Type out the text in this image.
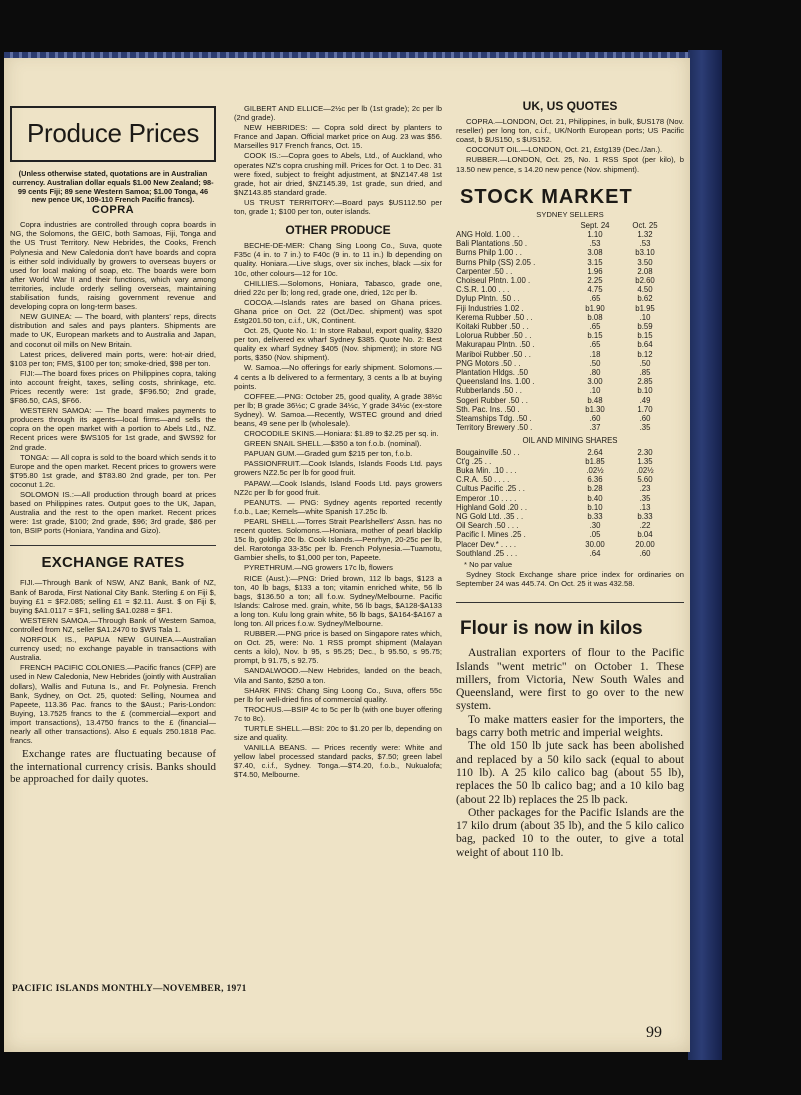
Produce Prices
(Unless otherwise stated, quotations are in Australian currency. Australian dollar equals $1.00 New Zealand; 98-99 cents Fiji; 89 sene Western Samoa; $1.00 Tonga, 46 new pence UK, 109-110 French Pacific francs).
COPRA

Copra industries are controlled through copra boards in NG, the Solomons, the GEIC, both Samoas, Fiji, Tonga and the US Trust Territory. New Hebrides, the Cooks, French Polynesia and New Caledonia don't have boards and copra is either sold individually by growers to overseas buyers or used for local making of soap, etc. The boards were born after World War II and their functions, which vary among territories, include orderly selling overseas, maintaining stabilisation funds, raising government revenue and developing copra on long-term bases.

NEW GUINEA: — The board, with planters' reps, directs distribution and sales and pays planters. Shipments are made to UK, European markets and to Australia and Japan, and coconut oil mills on New Britain.

Latest prices, delivered main ports, were: hot-air dried, $103 per ton; FMS, $100 per ton; smoke-dried, $98 per ton.

FIJI:—The board fixes prices on Philippines copra, taking into account freight, taxes, selling costs, shrinkage, etc. Prices recently were: 1st grade, $F96.50; 2nd grade, $F86.50, CAS, $F66.

WESTERN SAMOA: — The board makes payments to producers through its agents—local firms—and sells the copra on the open market with a portion to Abels Ltd., NZ. Recent prices were $WS105 for 1st grade, and $WS92 for 2nd grade.

TONGA: — All copra is sold to the board which sends it to Europe and the open market. Recent prices to growers were $T95.80 1st grade, and $T83.80 2nd grade, per ton. Per coconut 1.2c.

SOLOMON IS.:—All production through board at prices based on Philippines rates. Output goes to the UK, Japan, Australia and the rest to the open market. Recent prices were: 1st grade, $100; 2nd grade, $96; 3rd grade, $86 per ton, BSIP ports (Honiara, Yandina and Gizo).

EXCHANGE RATES

FIJI.—Through Bank of NSW, ANZ Bank, Bank of NZ, Bank of Baroda, First National City Bank. Sterling £ on Fiji $, buying £1 = $F2.085; selling £1 = $2.11. Aust. $ on Fiji $, buying $A1.0117 = $F1, selling $A1.0288 = $F1.

WESTERN SAMOA.—Through Bank of Western Samoa, controlled from NZ, seller $A1.2470 to $WS Tala 1.

NORFOLK IS., PAPUA NEW GUINEA.—Australian currency used; no exchange payable in transactions with Australia.

FRENCH PACIFIC COLONIES.—Pacific francs (CFP) are used in New Caledonia, New Hebrides (jointly with Australian dollars), Wallis and Futuna Is., and Fr. Polynesia. French Bank, Sydney, on Oct. 25, quoted: Selling, Noumea and Papeete, 113.36 Pac. francs to the $Aust.; Paris-London: Buying, 13.7525 francs to the £ (commercial—export and import transactions), 13.4750 francs to the £ (financial—nearly all other transactions). Also £ equals 250.1818 Pac. francs.

Exchange rates are fluctuating because of the international currency crisis. Banks should be approached for daily quotes.

GILBERT AND ELLICE—2½c per lb (1st grade); 2c per lb (2nd grade).

NEW HEBRIDES: — Copra sold direct by planters to France and Japan. Official market price on Aug. 23 was $56. Marseilles 917 French francs, Oct. 15.

COOK IS.:—Copra goes to Abels, Ltd., of Auckland, who operates NZ's copra crushing mill. Prices for Oct. 1 to Dec. 31 were fixed, subject to freight adjustment, at $NZ147.48 1st grade, hot air dried, $NZ145.39, 1st grade, sun dried, and $NZ143.85 standard grade.

US TRUST TERRITORY:—Board pays $US112.50 per ton, grade 1; $100 per ton, outer islands.

OTHER PRODUCE

BECHE-DE-MER: Chang Sing Loong Co., Suva, quote F35c (4 in. to 7 in.) to F40c (9 in. to 11 in.) lb depending on quality. Honiara.—Live slugs, over six inches, black —six for 10c, other colours—12 for 10c.

CHILLIES.—Solomons, Honiara, Tabasco, grade one, dried 22c per lb; long red, grade one, dried, 12c per lb.

COCOA.—Islands rates are based on Ghana prices. Ghana price on Oct. 22 (Oct./Dec. shipment) was spot £stg201.50 ton, c.i.f., UK, Continent.

Oct. 25, Quote No. 1: In store Rabaul, export quality, $320 per ton, delivered ex wharf Sydney $385. Quote No. 2: Best quality ex wharf Sydney $405 (Nov. shipment); in store NG ports, $350 (Nov. shipment).

W. Samoa.—No offerings for early shipment. Solomons.—4 cents a lb delivered to a fermentary, 3 cents a lb at buying points.

COFFEE.—PNG: October 25, good quality, A grade 38½c per lb; B grade 36½c; C grade 34½c, Y grade 34½c (ex-store Sydney). W. Samoa.—Recently, WSTEC ground and dried beans, 49 sene per lb (wholesale).

CROCODILE SKINS.—Honiara: $1.89 to $2.25 per sq. in.

GREEN SNAIL SHELL.—$350 a ton f.o.b. (nominal).

PAPUAN GUM.—Graded gum $215 per ton, f.o.b.

PASSIONFRUIT.—Cook Islands, Islands Foods Ltd. pays growers NZ2.5c per lb for good fruit.

PAPAW.—Cook Islands, Island Foods Ltd. pays growers NZ2c per lb for good fruit.

PEANUTS. — PNG: Sydney agents reported recently f.o.b., Lae; Kernels—white Spanish 17.25c lb.

PEARL SHELL.—Torres Strait Pearlshellers' Assn. has no recent quotes. Solomons.—Honiara, mother of pearl blacklip 15c lb, goldlip 20c lb. Cook Islands.—Penrhyn, 20-25c per lb, del. Rarotonga 33-35c per lb. French Polynesia.—Tuamotu, Gambier shells, to $1,000 per ton, Papeete.

PYRETHRUM.—NG growers 17c lb, flowers

RICE (Aust.):—PNG: Dried brown, 112 lb bags, $123 a ton, 40 lb bags, $133 a ton; vitamin enriched white, 56 lb bags, $136.50 a ton; all f.o.w. Sydney/Melbourne. Pacific Islands: Calrose med. grain, white, 56 lb bags, $A128-$A133 a long ton. Kulu long grain white, 56 lb bags, $A164-$A167 a long ton. All prices f.o.w. Sydney/Melbourne.

RUBBER.—PNG price is based on Singapore rates which, on Oct. 25, were: No. 1 RSS prompt shipment (Malayan cents a kilo), Nov. b 95, s 95.25; Dec., b 95.50, s 95.75; prompt, b 91.75, s 92.75.

SANDALWOOD.—New Hebrides, landed on the beach, Vila and Santo, $250 a ton.

SHARK FINS: Chang Sing Loong Co., Suva, offers 55c per lb for well-dried fins of commercial quality.

TROCHUS.—BSIP 4c to 5c per lb (with one buyer offering 7c to 8c).

TURTLE SHELL.—BSI: 20c to $1.20 per lb, depending on size and quality.

VANILLA BEANS. — Prices recently were: White and yellow label processed standard packs, $7.50; green label $7.40, c.i.f., Sydney. Tonga.—$T4.20, f.o.b., Nukualofa; $T4.50, Melbourne.

UK, US QUOTES

COPRA.—LONDON, Oct. 21, Philippines, in bulk, $US178 (Nov. reseller) per long ton, c.i.f., UK/North European ports; US Pacific coast, b $US150, s $US152.

COCONUT OIL.—LONDON, Oct. 21, £stg139 (Dec./Jan.).

RUBBER.—LONDON, Oct. 25, No. 1 RSS Spot (per kilo), b 13.50 new pence, s 14.20 new pence (Nov. shipment).

STOCK MARKET
SYDNEY SELLERS
Sept. 24	Oct. 25
ANG Hold. 1.00 . .	1.10	1.32
Bali Plantations .50 .	.53	.53
Burns Philp 1.00 . .	3.08	b3.10
Burns Philp (SS) 2.05 .	3.15	3.50
Carpenter .50 . .	1.96	2.08
Choiseul Plntn. 1.00 .	2.25	b2.60
C.S.R. 1.00 . . .	4.75	4.50
Dylup Plntn. .50 . .	.65	b.62
Fiji Industries 1.02 .	b1.90	b1.95
Kerema Rubber .50 . .	b.08	.10
Koitaki Rubber .50 . .	.65	b.59
Lolorua Rubber .50 . .	b.15	b.15
Makurapau Plntn. .50 .	.65	b.64
Mariboi Rubber .50 . .	.18	b.12
PNG Motors .50 . .	.50	.50
Plantation Hldgs. .50	.80	.85
Queensland Ins. 1.00 .	3.00	2.85
Rubberlands .50 . .	.10	b.10
Sogeri Rubber .50 . .	b.48	.49
Sth. Pac. Ins. .50 .	b1.30	1.70
Steamships Tdg. .50 .	.60	.60
Territory Brewery .50 .	.37	.35
OIL AND MINING SHARES
Bougainville .50 . .	2.64	2.30
Ct'g .25 . .	b1.85	1.35
Buka Min. .10 . . .	.02½	.02½
C.R.A. .50 . . . .	6.36	5.60
Cultus Pacific .25 . .	b.28	.23
Emperor .10 . . . .	b.40	.35
Highland Gold .20 . .	b.10	.13
NG Gold Ltd. .35 . .	b.33	b.33
Oil Search .50 . . .	.30	.22
Pacific I. Mines .25 .	.05	b.04
Placer Dev.* . . . .	30.00	20.00
Southland .25 . . .	.64	.60

* No par value

Sydney Stock Exchange share price index for ordinaries on September 24 was 445.74. On Oct. 25 it was 432.58.

Flour is now in kilos

Australian exporters of flour to the Pacific Islands "went metric" on October 1. These millers, from Victoria, New South Wales and Queensland, were first to go over to the new system.

To make matters easier for the importers, the bags carry both metric and imperial weights.

The old 150 lb jute sack has been abolished and replaced by a 50 kilo sack (equal to about 110 lb). A 25 kilo calico bag (about 55 lb), replaces the 50 lb calico bag; and a 10 kilo bag (about 22 lb) replaces the 25 lb pack.

Other packages for the Pacific Islands are the 17 kilo drum (about 35 lb), and the 5 kilo calico bag, packed 10 to the outer, to give a total weight of about 110 lb.

PACIFIC ISLANDS MONTHLY—NOVEMBER, 1971
99
